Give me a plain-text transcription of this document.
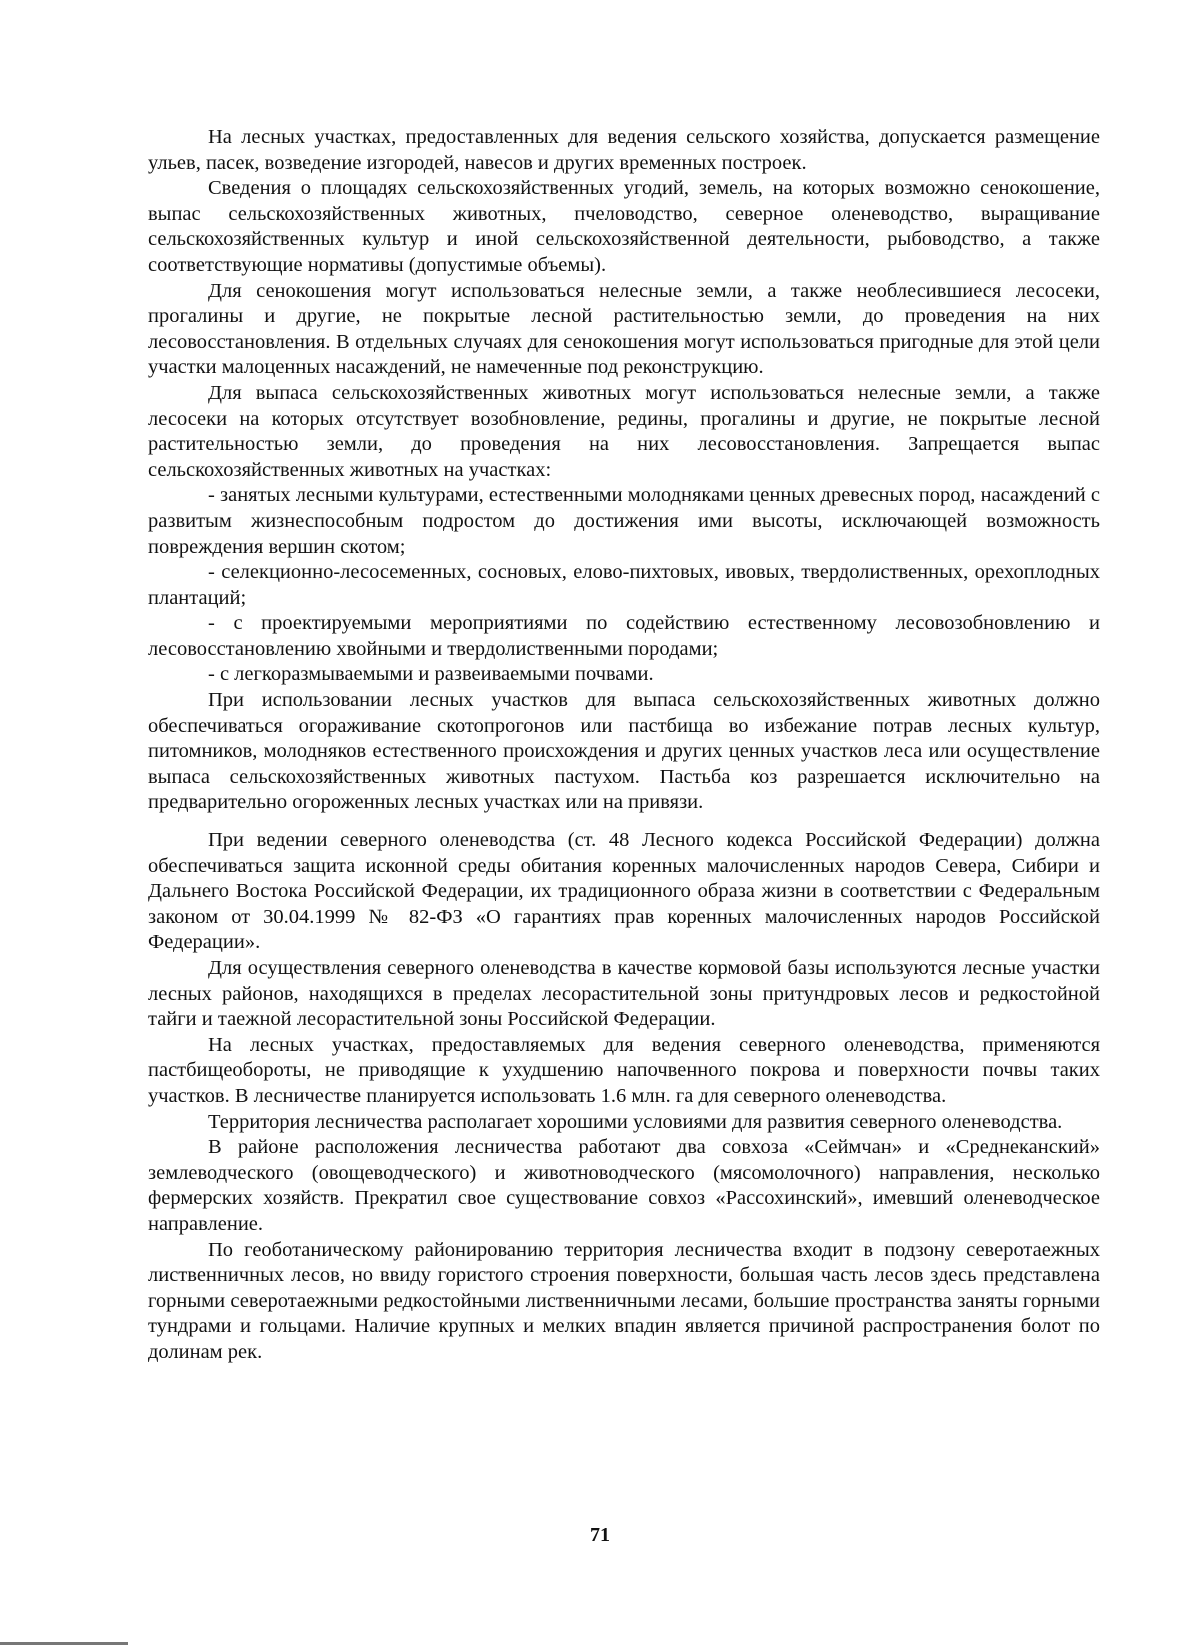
На лесных участках, предоставленных для ведения сельского хозяйства, допускается размещение ульев, пасек, возведение изгородей, навесов и других временных построек.

Сведения о площадях сельскохозяйственных угодий, земель, на которых возможно сенокошение, выпас сельскохозяйственных животных, пчеловодство, северное оленеводство, выращивание сельскохозяйственных культур и иной сельскохозяйственной деятельности, рыбоводство, а также соответствующие нормативы (допустимые объемы).

Для сенокошения могут использоваться нелесные земли, а также необлесившиеся лесосеки, прогалины и другие, не покрытые лесной растительностью земли, до проведения на них лесовосстановления. В отдельных случаях для сенокошения могут использоваться пригодные для этой цели участки малоценных насаждений, не намеченные под реконструкцию.

Для выпаса сельскохозяйственных животных могут использоваться нелесные земли, а также лесосеки на которых отсутствует возобновление, редины, прогалины и другие, не покрытые лесной растительностью земли, до проведения на них лесовосстановления. Запрещается выпас сельскохозяйственных животных на участках:

- занятых лесными культурами, естественными молодняками ценных древесных пород, насаждений с развитым жизнеспособным подростом до достижения ими высоты, исключающей возможность повреждения вершин скотом;

- селекционно-лесосеменных, сосновых, елово-пихтовых, ивовых, твердолиственных, орехоплодных плантаций;

- с проектируемыми мероприятиями по содействию естественному лесовозобновлению и лесовосстановлению хвойными и твердолиственными породами;

- с легкоразмываемыми и развеиваемыми почвами.

При использовании лесных участков для выпаса сельскохозяйственных животных должно обеспечиваться огораживание скотопрогонов или пастбища во избежание потрав лесных культур, питомников, молодняков естественного происхождения и других ценных участков леса или осуществление выпаса сельскохозяйственных животных пастухом. Пастьба коз разрешается исключительно на предварительно огороженных лесных участках или на привязи.

При ведении северного оленеводства (ст. 48 Лесного кодекса Российской Федерации) должна обеспечиваться защита исконной среды обитания коренных малочисленных народов Севера, Сибири и Дальнего Востока Российской Федерации, их традиционного образа жизни в соответствии с Федеральным законом от 30.04.1999 № 82-ФЗ «О гарантиях прав коренных малочисленных народов Российской Федерации».

Для осуществления северного оленеводства в качестве кормовой базы используются лесные участки лесных районов, находящихся в пределах лесорастительной зоны притундровых лесов и редкостойной тайги и таежной лесорастительной зоны Российской Федерации.

На лесных участках, предоставляемых для ведения северного оленеводства, применяются пастбищеобороты, не приводящие к ухудшению напочвенного покрова и поверхности почвы таких участков. В лесничестве планируется использовать 1.6 млн. га для северного оленеводства.

Территория лесничества располагает хорошими условиями для развития северного оленеводства.

В районе расположения лесничества работают два совхоза «Сеймчан» и «Среднеканский» землеводческого (овощеводческого) и животноводческого (мясомолочного) направления, несколько фермерских хозяйств. Прекратил свое существование совхоз «Рассохинский», имевший оленеводческое направление.

По геоботаническому районированию территория лесничества входит в подзону северотаежных лиственничных лесов, но ввиду гористого строения поверхности, большая часть лесов здесь представлена горными северотаежными редкостойными лиственничными лесами, большие пространства заняты горными тундрами и гольцами. Наличие крупных и мелких впадин является причиной распространения болот по долинам рек.

71
